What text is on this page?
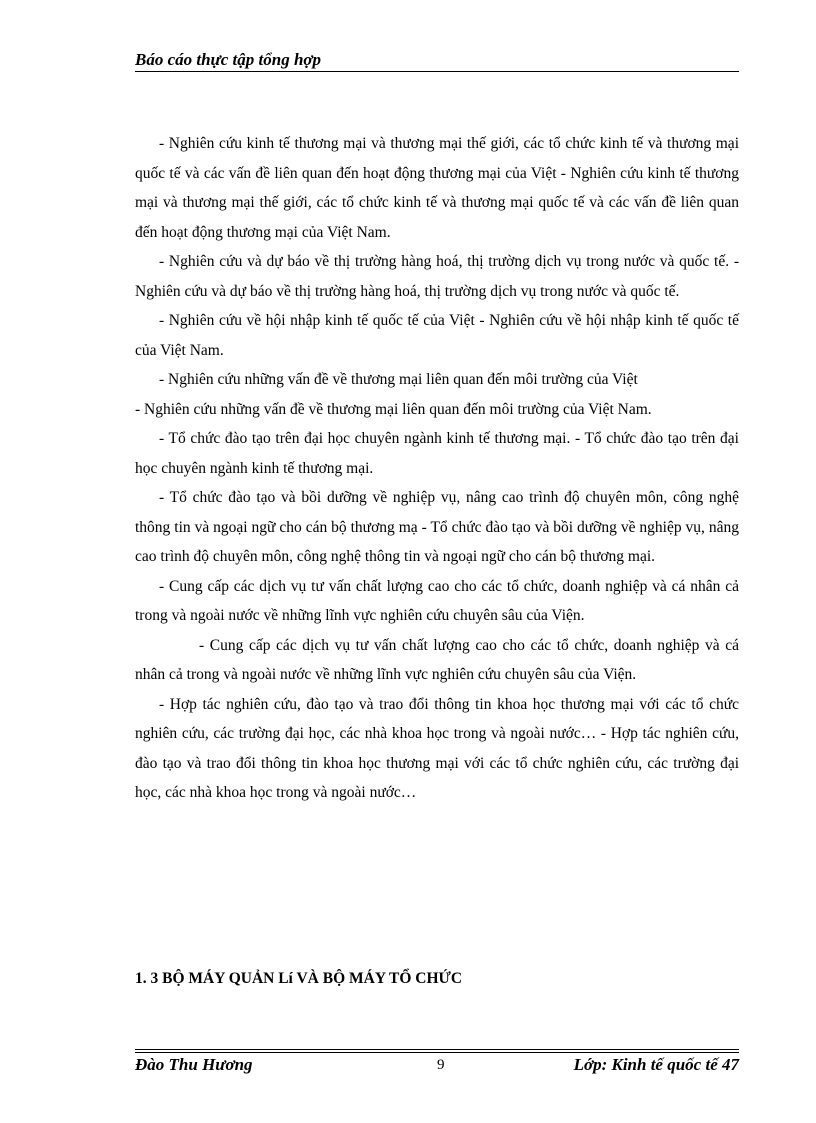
Báo cáo thực tập tổng hợp

- Nghiên cứu kinh tế thương mại và thương mại thế giới, các tổ chức kinh tế và thương mại quốc tế và các vấn đề liên quan đến hoạt động thương mại của Việt - Nghiên cứu kinh tế thương mại và thương mại thế giới, các tổ chức kinh tế và thương mại quốc tế và các vấn đề liên quan đến hoạt động thương mại của Việt Nam.

- Nghiên cứu và dự báo về thị trường hàng hoá, thị trường dịch vụ trong nước và quốc tế. - Nghiên cứu và dự báo về thị trường hàng hoá, thị trường dịch vụ trong nước và quốc tế.

- Nghiên cứu về hội nhập kinh tế quốc tế của Việt - Nghiên cứu về hội nhập kinh tế quốc tế của Việt Nam.

- Nghiên cứu những vấn đề về thương mại liên quan đến môi trường của Việt

- Nghiên cứu những vấn đề về thương mại liên quan đến môi trường của Việt Nam.

- Tổ chức đào tạo trên đại học chuyên ngành kinh tế thương mại. - Tổ chức đào tạo trên đại học chuyên ngành kinh tế thương mại.

- Tổ chức đào tạo và bồi dưỡng về nghiệp vụ, nâng cao trình độ chuyên môn, công nghệ thông tin và ngoại ngữ cho cán bộ thương mạ - Tổ chức đào tạo và bồi dưỡng về nghiệp vụ, nâng cao trình độ chuyên môn, công nghệ thông tin và ngoại ngữ cho cán bộ thương mại.

- Cung cấp các dịch vụ tư vấn chất lượng cao cho các tổ chức, doanh nghiệp và cá nhân cả trong và ngoài nước về những lĩnh vực nghiên cứu chuyên sâu của Viện.

- Cung cấp các dịch vụ tư vấn chất lượng cao cho các tổ chức, doanh nghiệp và cá nhân cả trong và ngoài nước về những lĩnh vực nghiên cứu chuyên sâu của Viện.

- Hợp tác nghiên cứu, đào tạo và trao đổi thông tin khoa học thương mại với các tổ chức nghiên cứu, các trường đại học, các nhà khoa học trong và ngoài nước… - Hợp tác nghiên cứu, đào tạo và trao đổi thông tin khoa học thương mại với các tổ chức nghiên cứu, các trường đại học, các nhà khoa học trong và ngoài nước…

1. 3 BỘ MÁY QUẢN Lí VÀ BỘ MÁY TỔ CHỨC
Đào Thu Hương	9	Lớp: Kinh tế quốc tế 47
